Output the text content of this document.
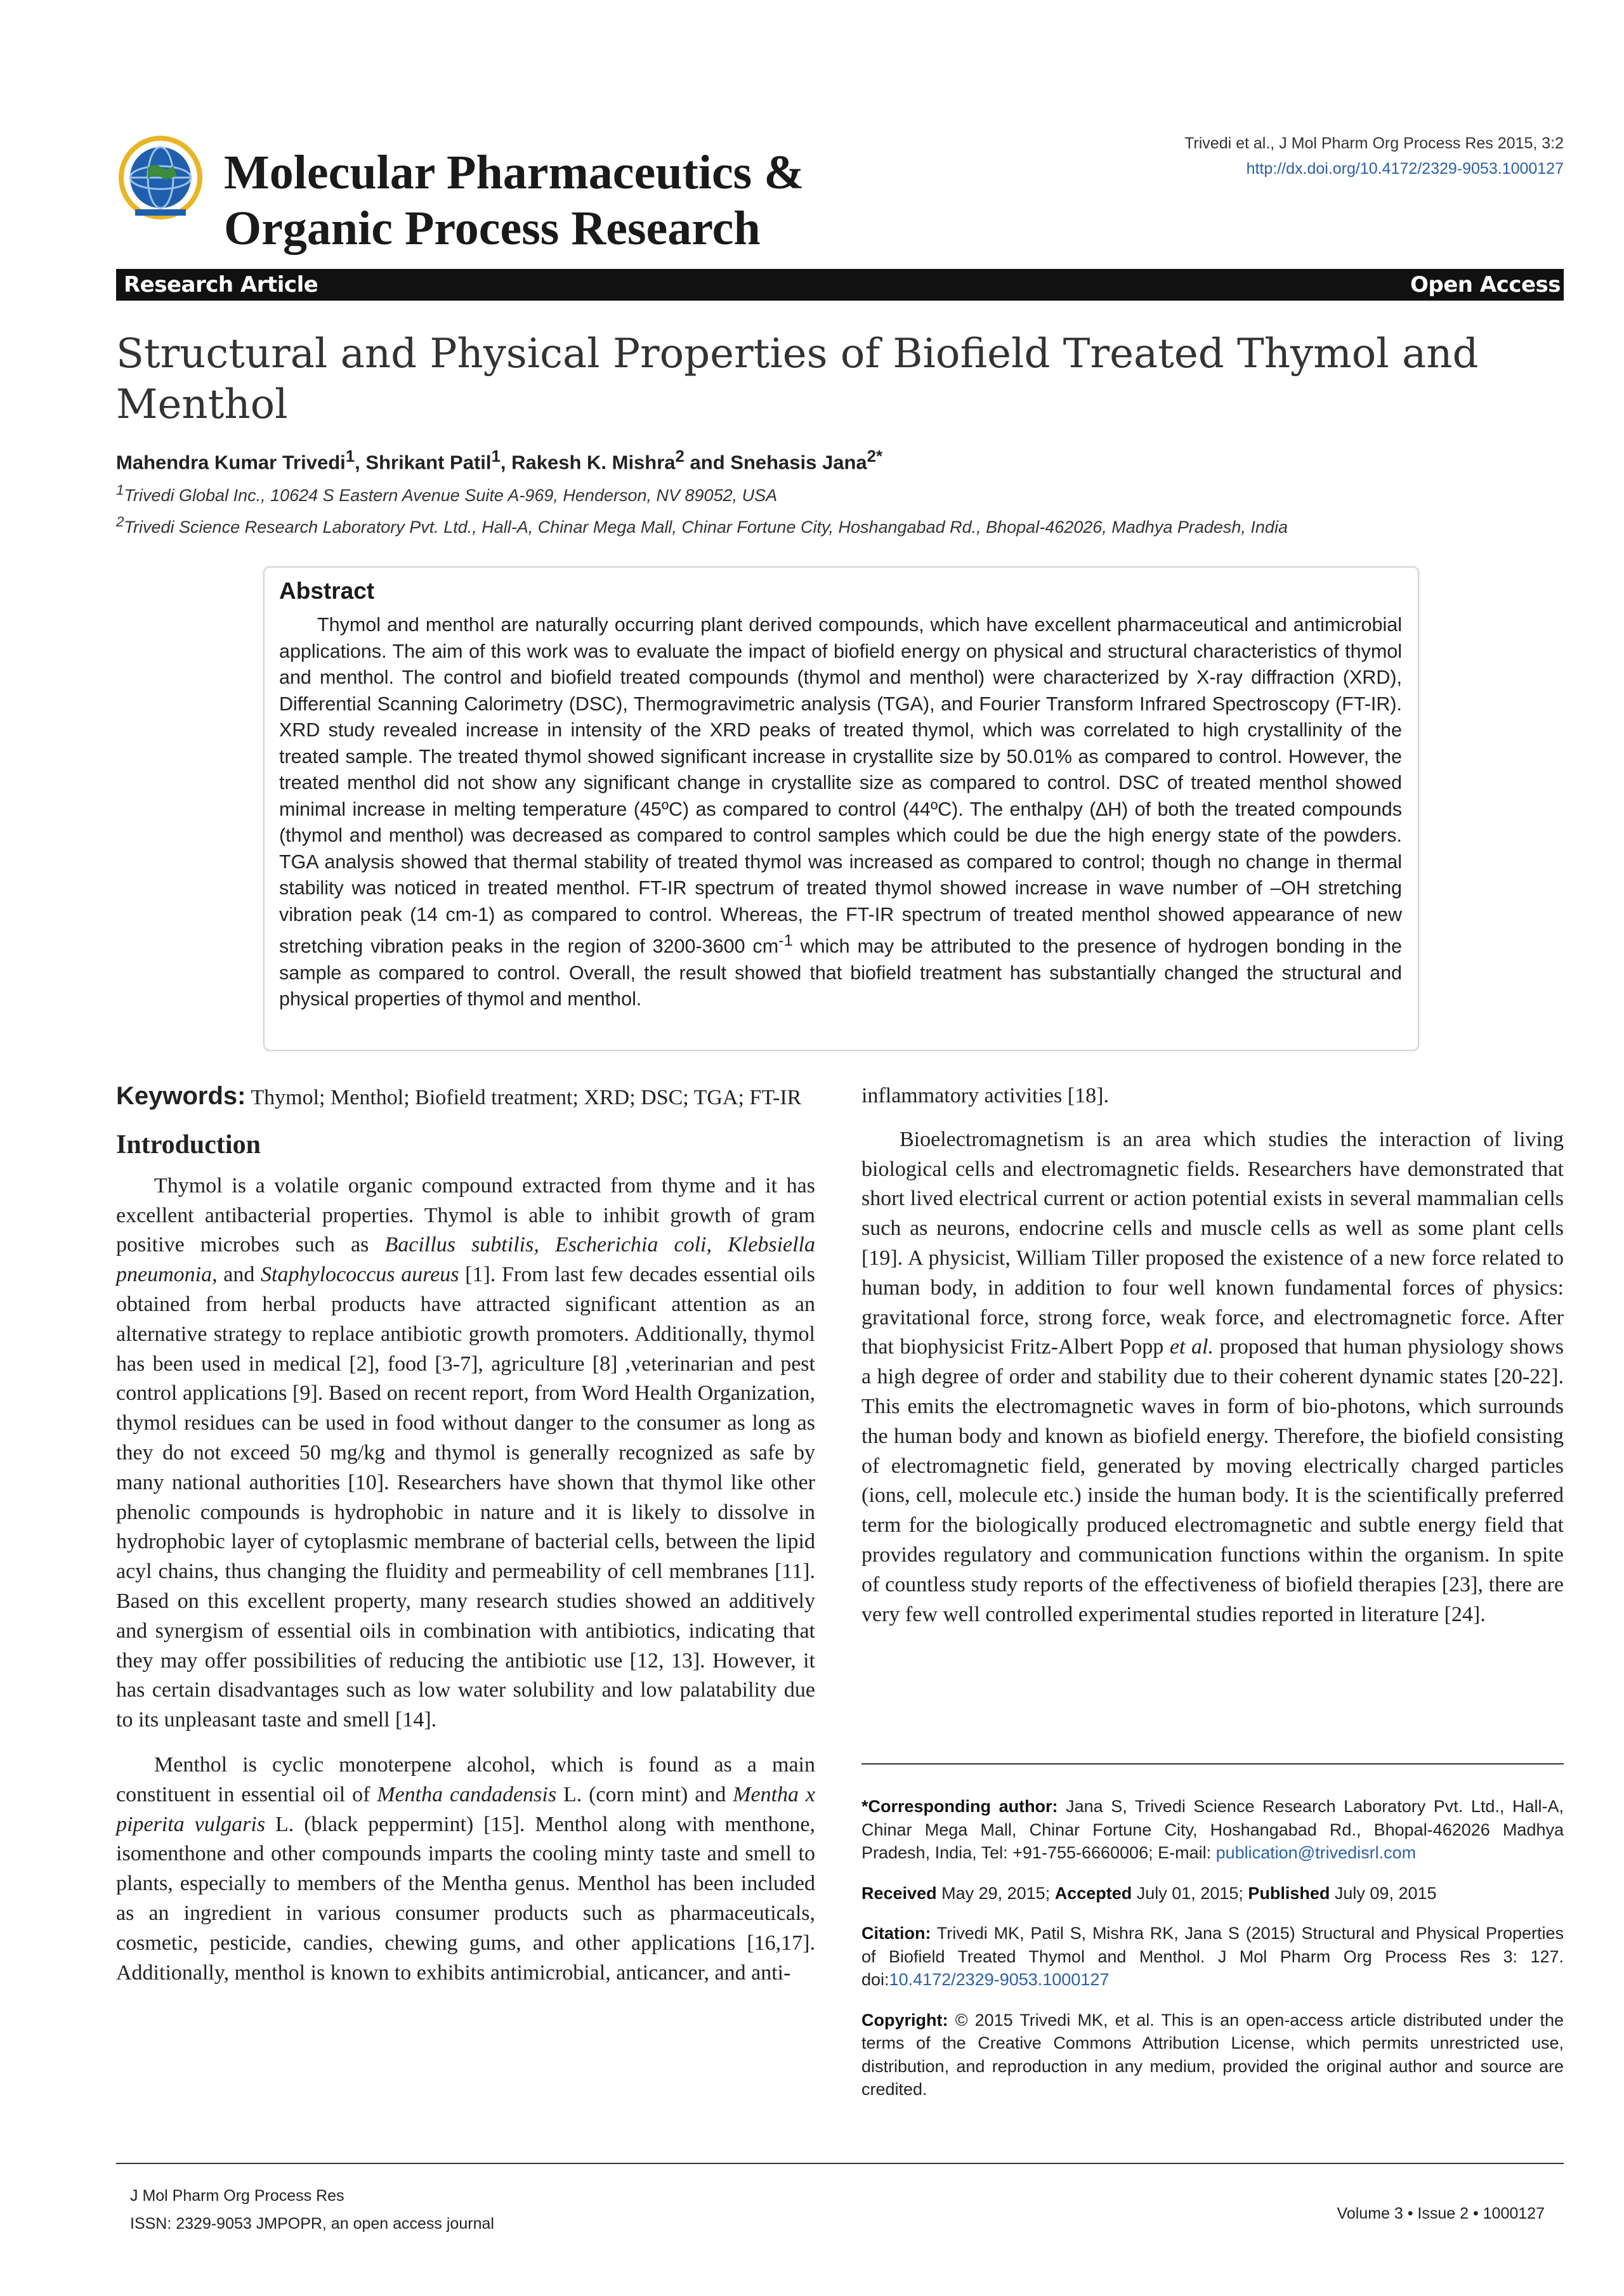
Molecular Pharmaceutics &
Organic Process Research
Trivedi et al., J Mol Pharm Org Process Res 2015, 3:2
http://dx.doi.org/10.4172/2329-9053.1000127
Research Article	Open Access
Structural and Physical Properties of Biofield Treated Thymol and Menthol
Mahendra Kumar Trivedi$^1$, Shrikant Patil$^1$, Rakesh K. Mishra$^2$ and Snehasis Jana$^{2*}$
$^1$Trivedi Global Inc., 10624 S Eastern Avenue Suite A-969, Henderson, NV 89052, USA
$^2$Trivedi Science Research Laboratory Pvt. Ltd., Hall-A, Chinar Mega Mall, Chinar Fortune City, Hoshangabad Rd., Bhopal-462026, Madhya Pradesh, India
Abstract
Thymol and menthol are naturally occurring plant derived compounds, which have excellent pharmaceutical and antimicrobial applications. The aim of this work was to evaluate the impact of biofield energy on physical and structural characteristics of thymol and menthol. The control and biofield treated compounds (thymol and menthol) were characterized by X-ray diffraction (XRD), Differential Scanning Calorimetry (DSC), Thermogravimetric analysis (TGA), and Fourier Transform Infrared Spectroscopy (FT-IR). XRD study revealed increase in intensity of the XRD peaks of treated thymol, which was correlated to high crystallinity of the treated sample. The treated thymol showed significant increase in crystallite size by 50.01% as compared to control. However, the treated menthol did not show any significant change in crystallite size as compared to control. DSC of treated menthol showed minimal increase in melting temperature (45ºC) as compared to control (44ºC). The enthalpy (∆H) of both the treated compounds (thymol and menthol) was decreased as compared to control samples which could be due the high energy state of the powders. TGA analysis showed that thermal stability of treated thymol was increased as compared to control; though no change in thermal stability was noticed in treated menthol. FT-IR spectrum of treated thymol showed increase in wave number of –OH stretching vibration peak (14 cm-1) as compared to control. Whereas, the FT-IR spectrum of treated menthol showed appearance of new stretching vibration peaks in the region of 3200-3600 $cm^{-1}$ which may be attributed to the presence of hydrogen bonding in the sample as compared to control. Overall, the result showed that biofield treatment has substantially changed the structural and physical properties of thymol and menthol.

Keywords: Thymol; Menthol; Biofield treatment; XRD; DSC; TGA; FT-IR

Introduction

Thymol is a volatile organic compound extracted from thyme and it has excellent antibacterial properties. Thymol is able to inhibit growth of gram positive microbes such as Bacillus subtilis, Escherichia coli, Klebsiella pneumonia, and Staphylococcus aureus [1]. From last few decades essential oils obtained from herbal products have attracted significant attention as an alternative strategy to replace antibiotic growth promoters. Additionally, thymol has been used in medical [2], food [3-7], agriculture [8] ,veterinarian and pest control applications [9]. Based on recent report, from Word Health Organization, thymol residues can be used in food without danger to the consumer as long as they do not exceed 50 mg/kg and thymol is generally recognized as safe by many national authorities [10]. Researchers have shown that thymol like other phenolic compounds is hydrophobic in nature and it is likely to dissolve in hydrophobic layer of cytoplasmic membrane of bacterial cells, between the lipid acyl chains, thus changing the fluidity and permeability of cell membranes [11]. Based on this excellent property, many research studies showed an additively and synergism of essential oils in combination with antibiotics, indicating that they may offer possibilities of reducing the antibiotic use [12, 13]. However, it has certain disadvantages such as low water solubility and low palatability due to its unpleasant taste and smell [14].

Menthol is cyclic monoterpene alcohol, which is found as a main constituent in essential oil of Mentha candadensis L. (corn mint) and Mentha x piperita vulgaris L. (black peppermint) [15]. Menthol along with menthone, isomenthone and other compounds imparts the cooling minty taste and smell to plants, especially to members of the Mentha genus. Menthol has been included as an ingredient in various consumer products such as pharmaceuticals, cosmetic, pesticide, candies, chewing gums, and other applications [16,17]. Additionally, menthol is known to exhibits antimicrobial, anticancer, and anti-

inflammatory activities [18].

Bioelectromagnetism is an area which studies the interaction of living biological cells and electromagnetic fields. Researchers have demonstrated that short lived electrical current or action potential exists in several mammalian cells such as neurons, endocrine cells and muscle cells as well as some plant cells [19]. A physicist, William Tiller proposed the existence of a new force related to human body, in addition to four well known fundamental forces of physics: gravitational force, strong force, weak force, and electromagnetic force. After that biophysicist Fritz-Albert Popp et al. proposed that human physiology shows a high degree of order and stability due to their coherent dynamic states [20-22]. This emits the electromagnetic waves in form of bio-photons, which surrounds the human body and known as biofield energy. Therefore, the biofield consisting of electromagnetic field, generated by moving electrically charged particles (ions, cell, molecule etc.) inside the human body. It is the scientifically preferred term for the biologically produced electromagnetic and subtle energy field that provides regulatory and communication functions within the organism. In spite of countless study reports of the effectiveness of biofield therapies [23], there are very few well controlled experimental studies reported in literature [24].

*Corresponding author: Jana S, Trivedi Science Research Laboratory Pvt. Ltd., Hall-A, Chinar Mega Mall, Chinar Fortune City, Hoshangabad Rd., Bhopal-462026 Madhya Pradesh, India, Tel: +91-755-6660006; E-mail: publication@trivedisrl.com

Received May 29, 2015; Accepted July 01, 2015; Published July 09, 2015

Citation: Trivedi MK, Patil S, Mishra RK, Jana S (2015) Structural and Physical Properties of Biofield Treated Thymol and Menthol. J Mol Pharm Org Process Res 3: 127. doi:10.4172/2329-9053.1000127

Copyright: © 2015 Trivedi MK, et al. This is an open-access article distributed under the terms of the Creative Commons Attribution License, which permits unrestricted use, distribution, and reproduction in any medium, provided the original author and source are credited.

J Mol Pharm Org Process Res
ISSN: 2329-9053 JMPOPR, an open access journal
Volume 3 • Issue 2 • 1000127
